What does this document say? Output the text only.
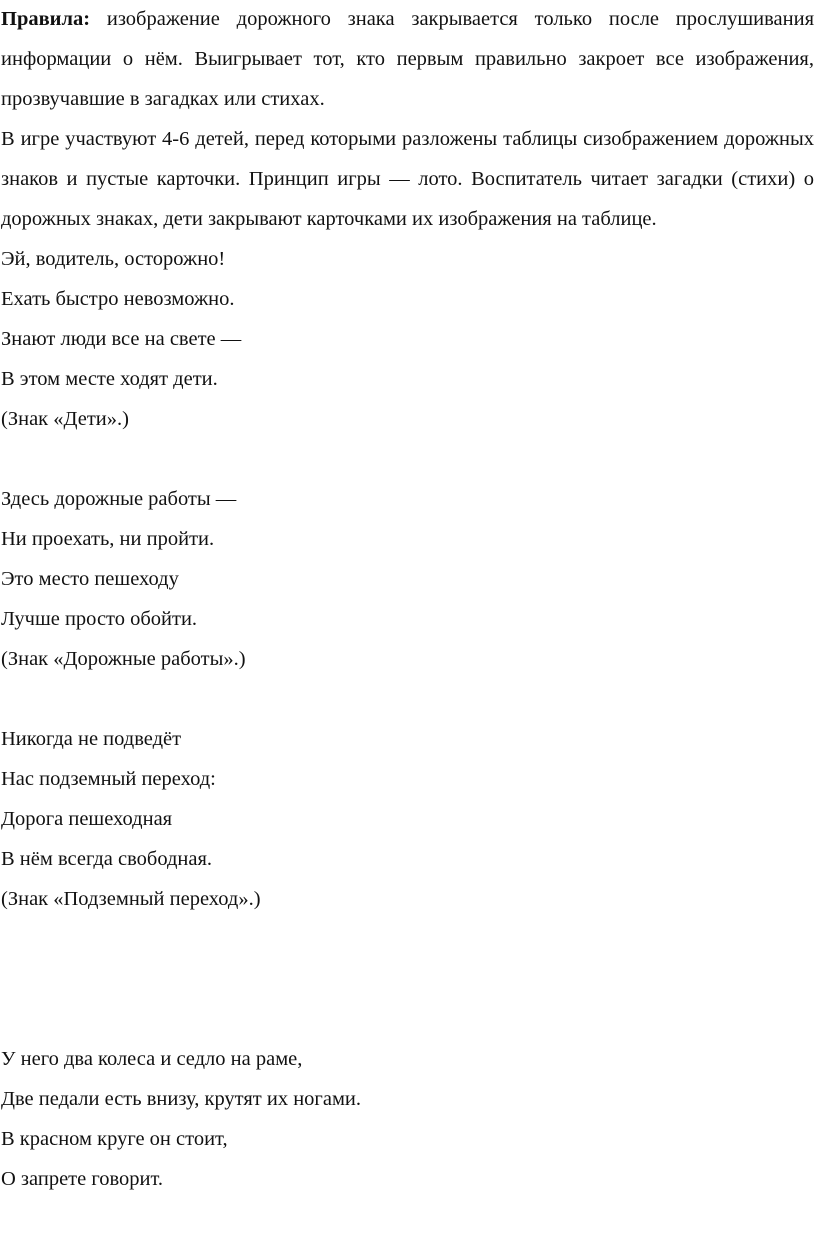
Правила: изображение дорожного знака закрывается только после прослушивания информации о нём. Выигрывает тот, кто первым правильно закроет все изображения, прозвучавшие в загадках или стихах.

В игре участвуют 4-6 детей, перед которыми разложены таблицы сизображением дорожных знаков и пустые карточки. Принцип игры — лото. Воспитатель читает загадки (стихи) о дорожных знаках, дети закрывают карточками их изображения на таблице.

Эй, водитель, осторожно!

Ехать быстро невозможно.

Знают люди все на свете —

В этом месте ходят дети.

(Знак «Дети».)

Здесь дорожные работы —

Ни проехать, ни пройти.

Это место пешеходу

Лучше просто обойти.

(Знак «Дорожные работы».)

Никогда не подведёт

Нас подземный переход:

Дорога пешеходная

В нём всегда свободная.

(Знак «Подземный переход».)

У него два колеса и седло на раме,

Две педали есть внизу, крутят их ногами.

В красном круге он стоит,

О запрете говорит.
